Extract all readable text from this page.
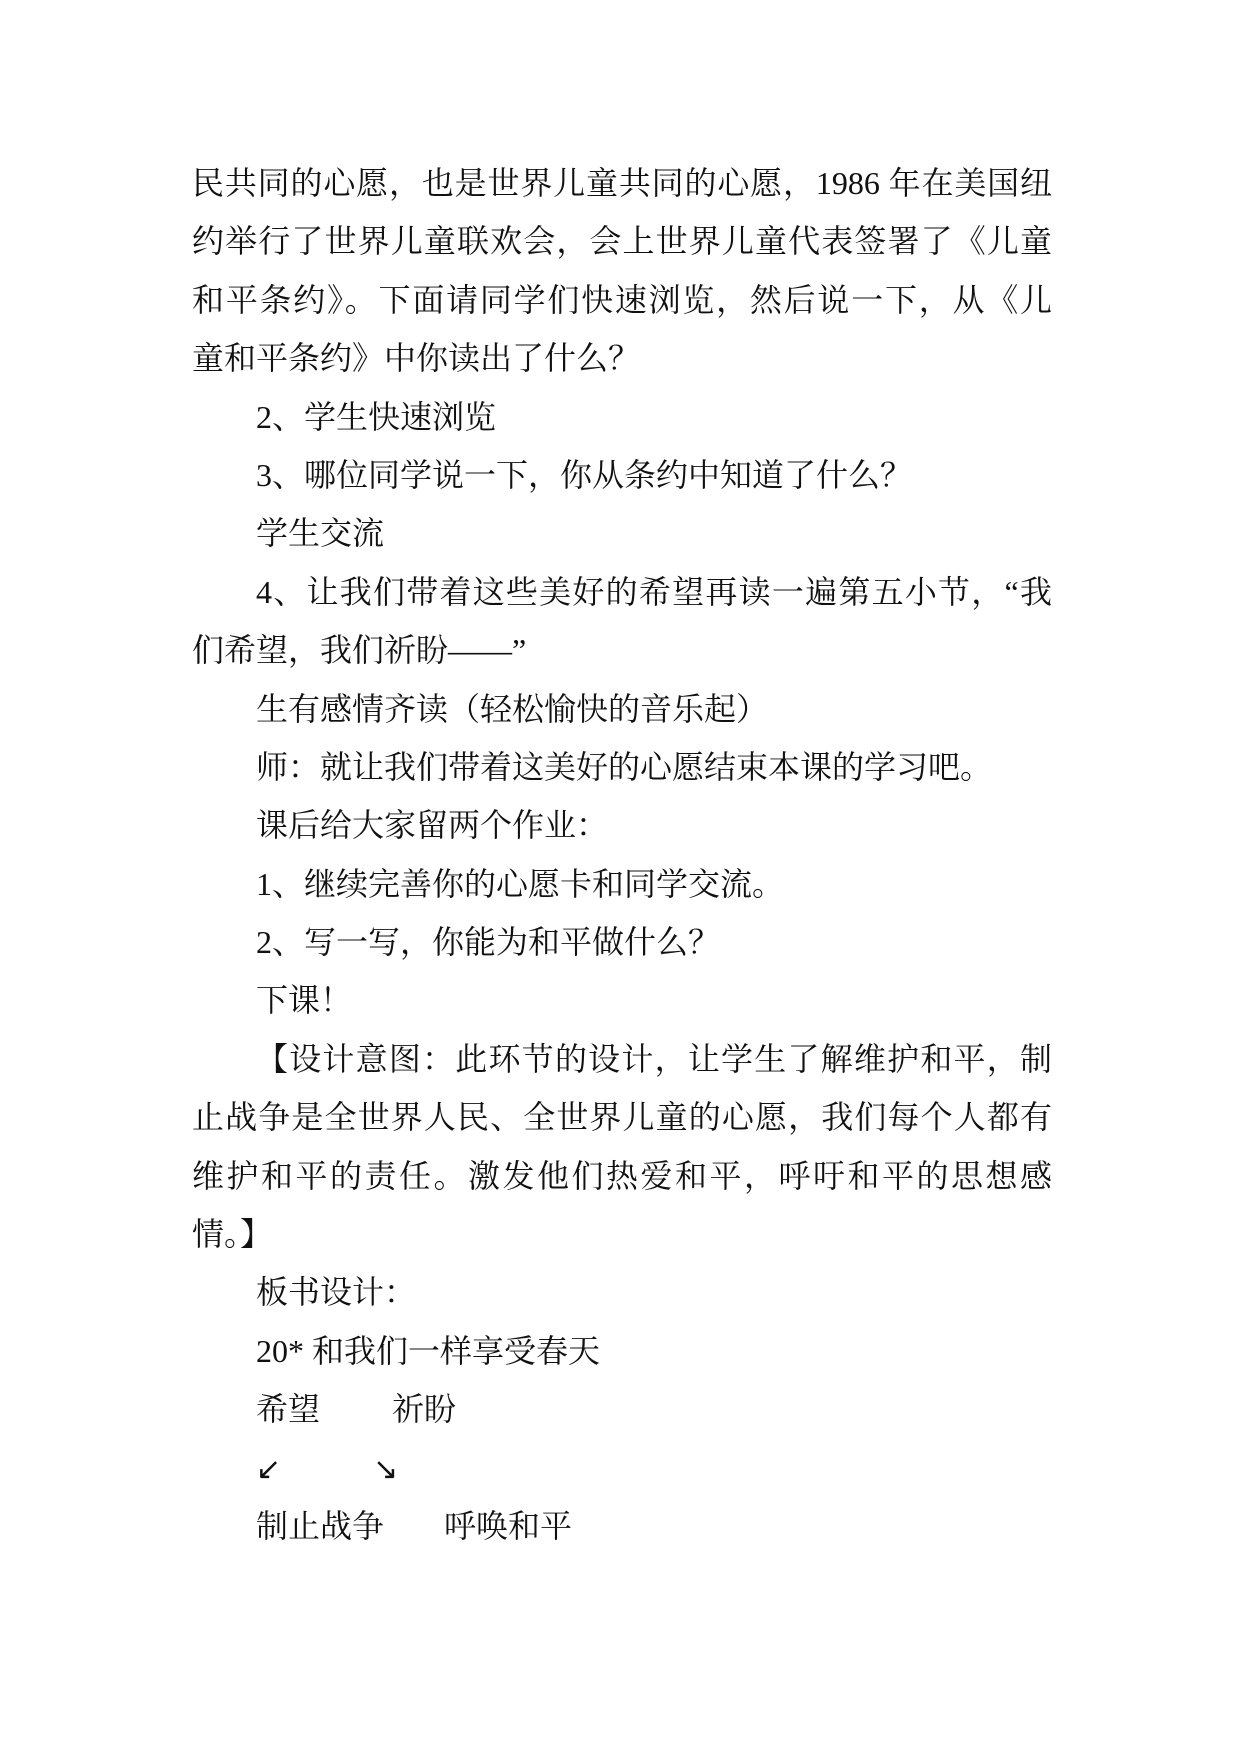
民共同的心愿，也是世界儿童共同的心愿，1986 年在美国纽
约举行了世界儿童联欢会，会上世界儿童代表签署了《儿童
和平条约》。下面请同学们快速浏览，然后说一下，从《儿
童和平条约》中你读出了什么？
2、学生快速浏览
3、哪位同学说一下，你从条约中知道了什么？
学生交流
4、让我们带着这些美好的希望再读一遍第五小节，“我
们希望，我们祈盼——”
生有感情齐读（轻松愉快的音乐起）
师：就让我们带着这美好的心愿结束本课的学习吧。
课后给大家留两个作业：
1、继续完善你的心愿卡和同学交流。
2、写一写，你能为和平做什么？
下课！
【设计意图：此环节的设计，让学生了解维护和平，制
止战争是全世界人民、全世界儿童的心愿，我们每个人都有
维护和平的责任。激发他们热爱和平，呼吁和平的思想感
情。】
板书设计：
20* 和我们一样享受春天
希望 祈盼
↙	↘
制止战争 呼唤和平
